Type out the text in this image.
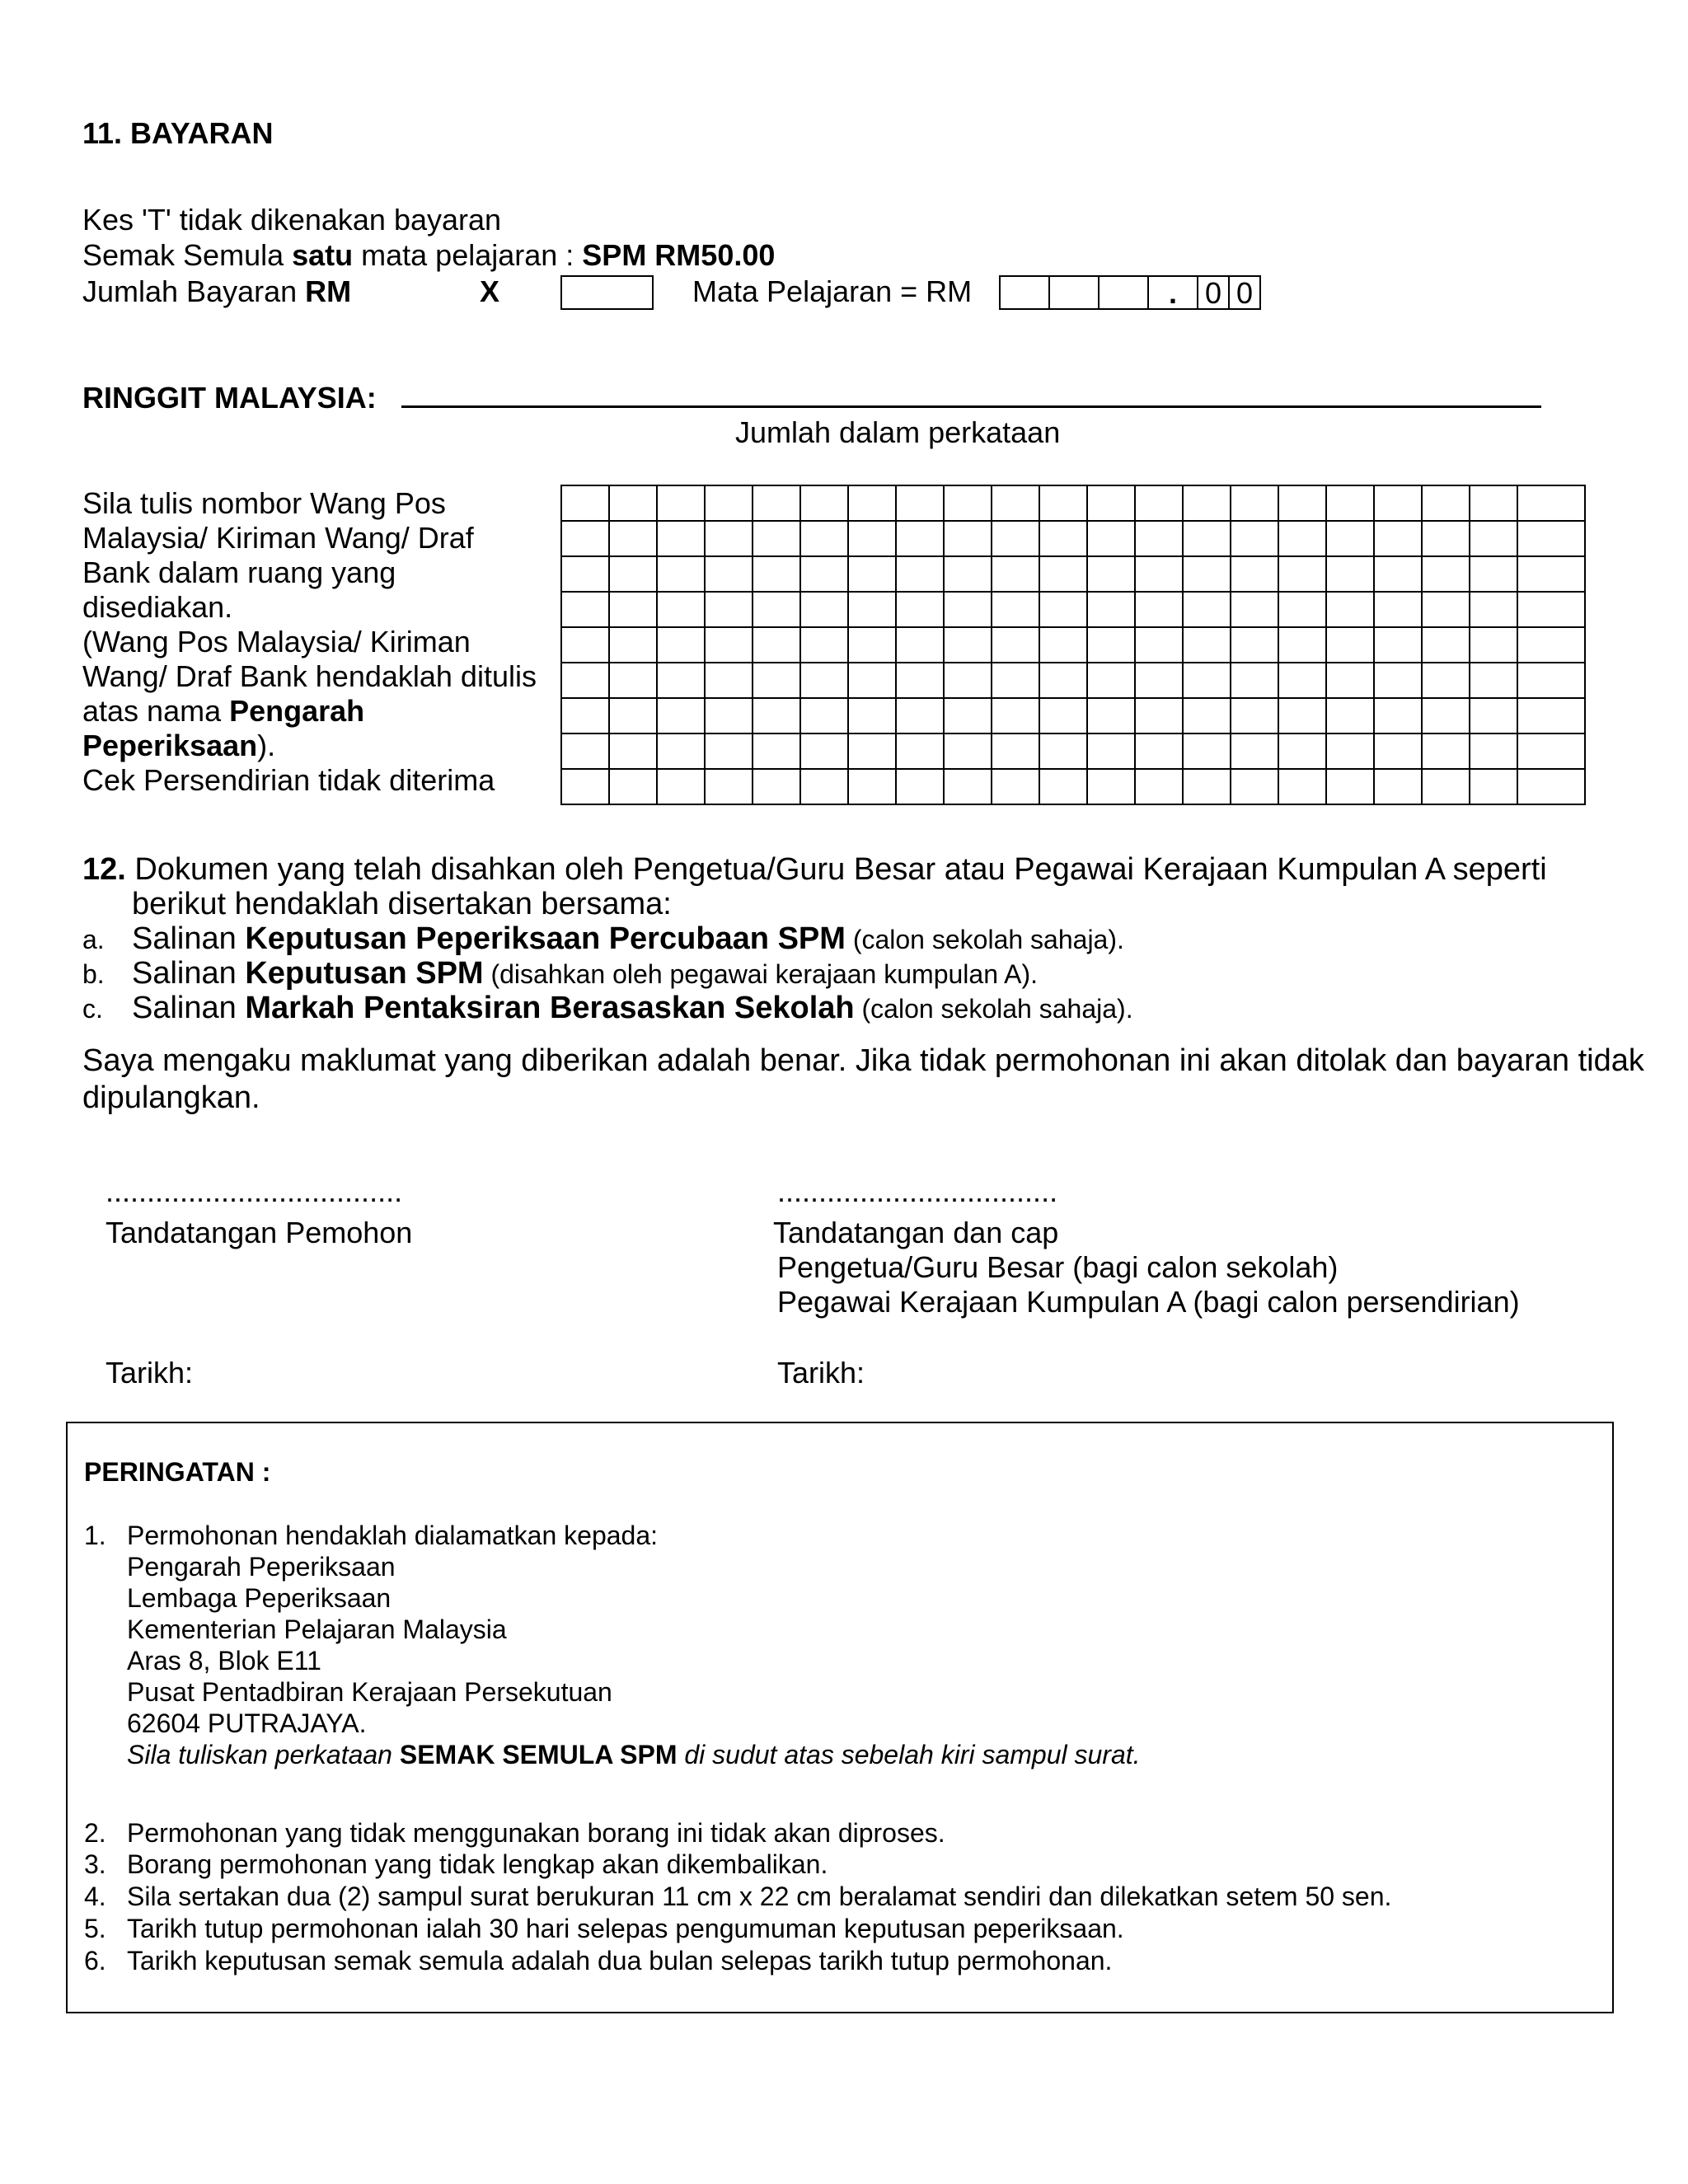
11. BAYARAN
Kes 'T' tidak dikenakan bayaran
Semak Semula satu mata pelajaran : SPM RM50.00
Jumlah Bayaran RM	X	Mata Pelajaran = RM	. 0 0
RINGGIT MALAYSIA:
Jumlah dalam perkataan
Sila tulis nombor Wang Pos
Malaysia/ Kiriman Wang/ Draf
Bank dalam ruang yang
disediakan.
(Wang Pos Malaysia/ Kiriman
Wang/ Draf Bank hendaklah ditulis
atas nama Pengarah
Peperiksaan).
Cek Persendirian tidak diterima

12. Dokumen yang telah disahkan oleh Pengetua/Guru Besar atau Pegawai Kerajaan Kumpulan A seperti
berikut hendaklah disertakan bersama:
a. Salinan Keputusan Peperiksaan Percubaan SPM (calon sekolah sahaja).
b. Salinan Keputusan SPM (disahkan oleh pegawai kerajaan kumpulan A).
c. Salinan Markah Pentaksiran Berasaskan Sekolah (calon sekolah sahaja).
Saya mengaku maklumat yang diberikan adalah benar. Jika tidak permohonan ini akan ditolak dan bayaran tidak
dipulangkan.
....................................
Tandatangan Pemohon
Tarikh:
..................................
Tandatangan dan cap
Pengetua/Guru Besar (bagi calon sekolah)
Pegawai Kerajaan Kumpulan A (bagi calon persendirian)
Tarikh:
PERINGATAN :
1. Permohonan hendaklah dialamatkan kepada:
Pengarah Peperiksaan
Lembaga Peperiksaan
Kementerian Pelajaran Malaysia
Aras 8, Blok E11
Pusat Pentadbiran Kerajaan Persekutuan
62604 PUTRAJAYA.
Sila tuliskan perkataan SEMAK SEMULA SPM di sudut atas sebelah kiri sampul surat.
2. Permohonan yang tidak menggunakan borang ini tidak akan diproses.
3. Borang permohonan yang tidak lengkap akan dikembalikan.
4. Sila sertakan dua (2) sampul surat berukuran 11 cm x 22 cm beralamat sendiri dan dilekatkan setem 50 sen.
5. Tarikh tutup permohonan ialah 30 hari selepas pengumuman keputusan peperiksaan.
6. Tarikh keputusan semak semula adalah dua bulan selepas tarikh tutup permohonan.
